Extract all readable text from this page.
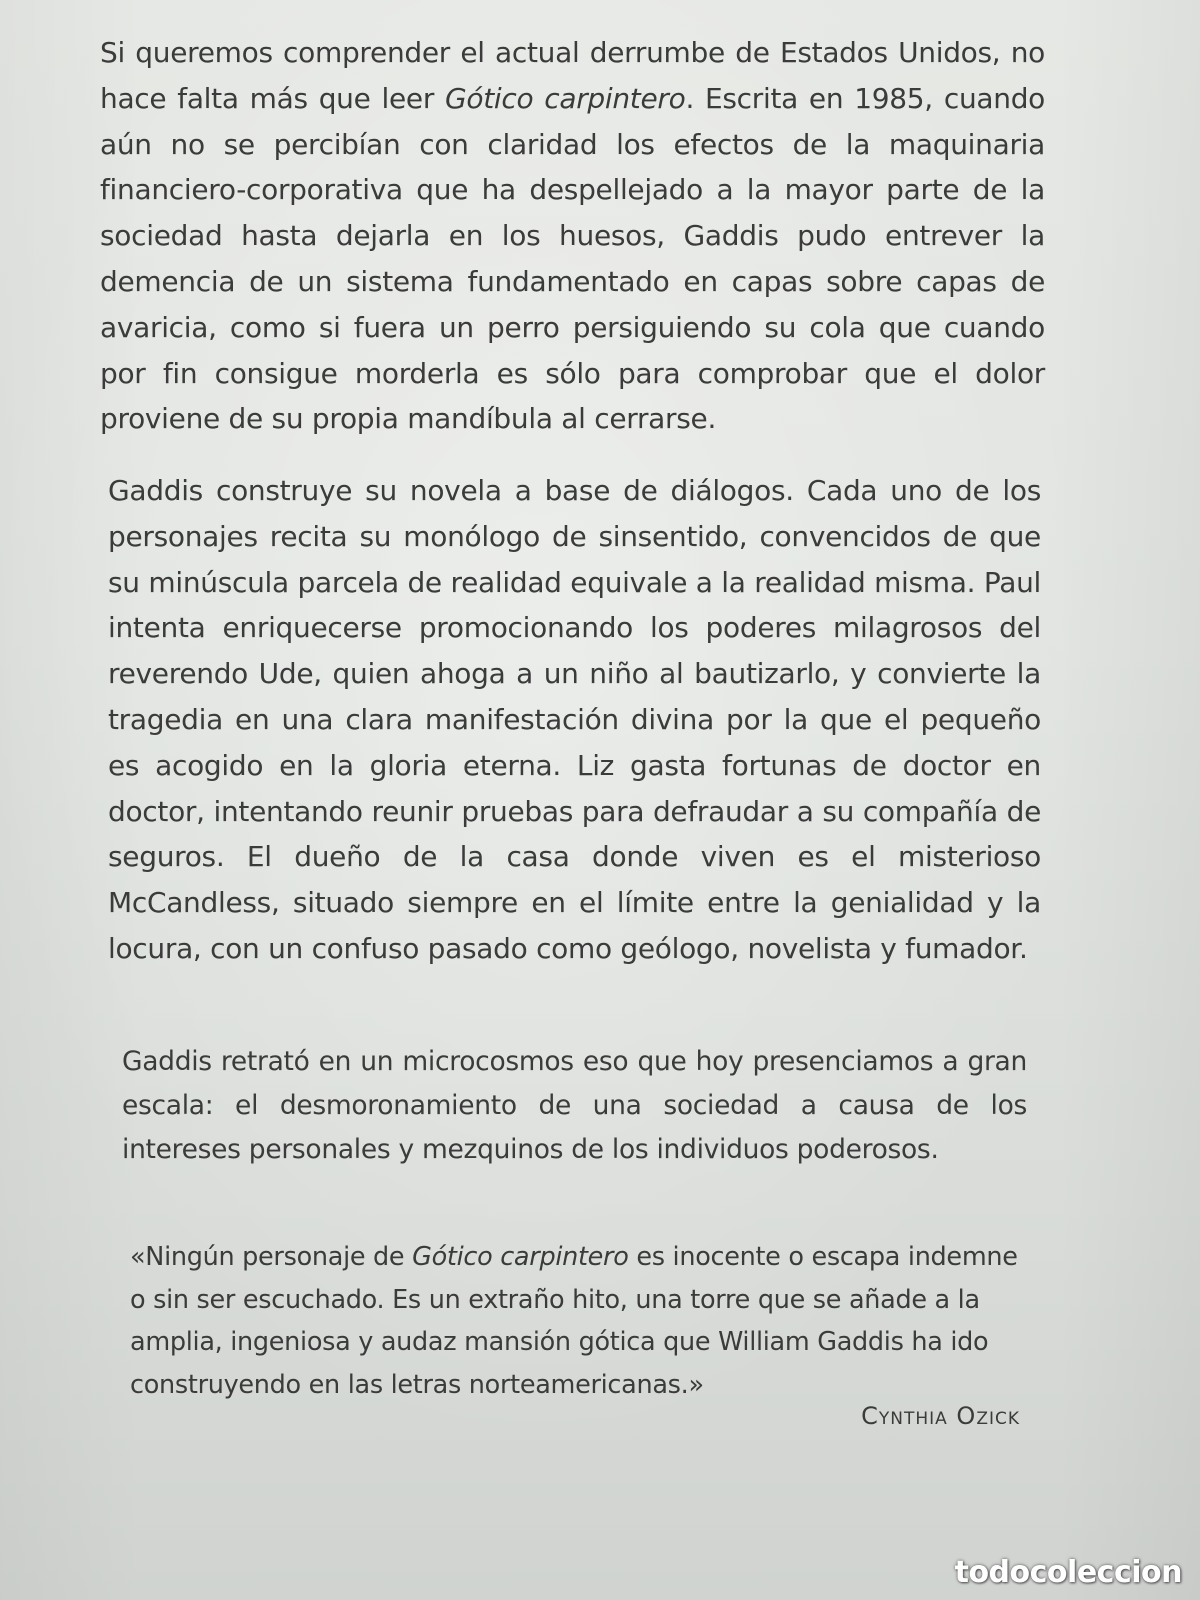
Si queremos comprender el actual derrumbe de Estados Unidos, no hace falta más que leer Gótico carpintero. Escrita en 1985, cuando aún no se percibían con claridad los efectos de la maquinaria financiero-corporativa que ha despellejado a la mayor parte de la sociedad hasta dejarla en los huesos, Gaddis pudo entrever la demencia de un sistema fundamentado en capas sobre capas de avaricia, como si fuera un perro persiguiendo su cola que cuando por fin consigue morderla es sólo para comprobar que el dolor proviene de su propia mandíbula al cerrarse.

Gaddis construye su novela a base de diálogos. Cada uno de los personajes recita su monólogo de sinsentido, convencidos de que su minúscula parcela de realidad equivale a la realidad misma. Paul intenta enriquecerse promocionando los poderes milagrosos del reverendo Ude, quien ahoga a un niño al bautizarlo, y convierte la tragedia en una clara manifestación divina por la que el pequeño es acogido en la gloria eterna. Liz gasta fortunas de doctor en doctor, intentando reunir pruebas para defraudar a su compañía de seguros. El dueño de la casa donde viven es el misterioso McCandless, situado siempre en el límite entre la genialidad y la locura, con un confuso pasado como geólogo, novelista y fumador.

Gaddis retrató en un microcosmos eso que hoy presenciamos a gran escala: el desmoronamiento de una sociedad a causa de los intereses personales y mezquinos de los individuos poderosos.

«Ningún personaje de Gótico carpintero es inocente o escapa indemne o sin ser escuchado. Es un extraño hito, una torre que se añade a la amplia, ingeniosa y audaz mansión gótica que William Gaddis ha ido construyendo en las letras norteamericanas.»

Cynthia Ozick

todocoleccion
